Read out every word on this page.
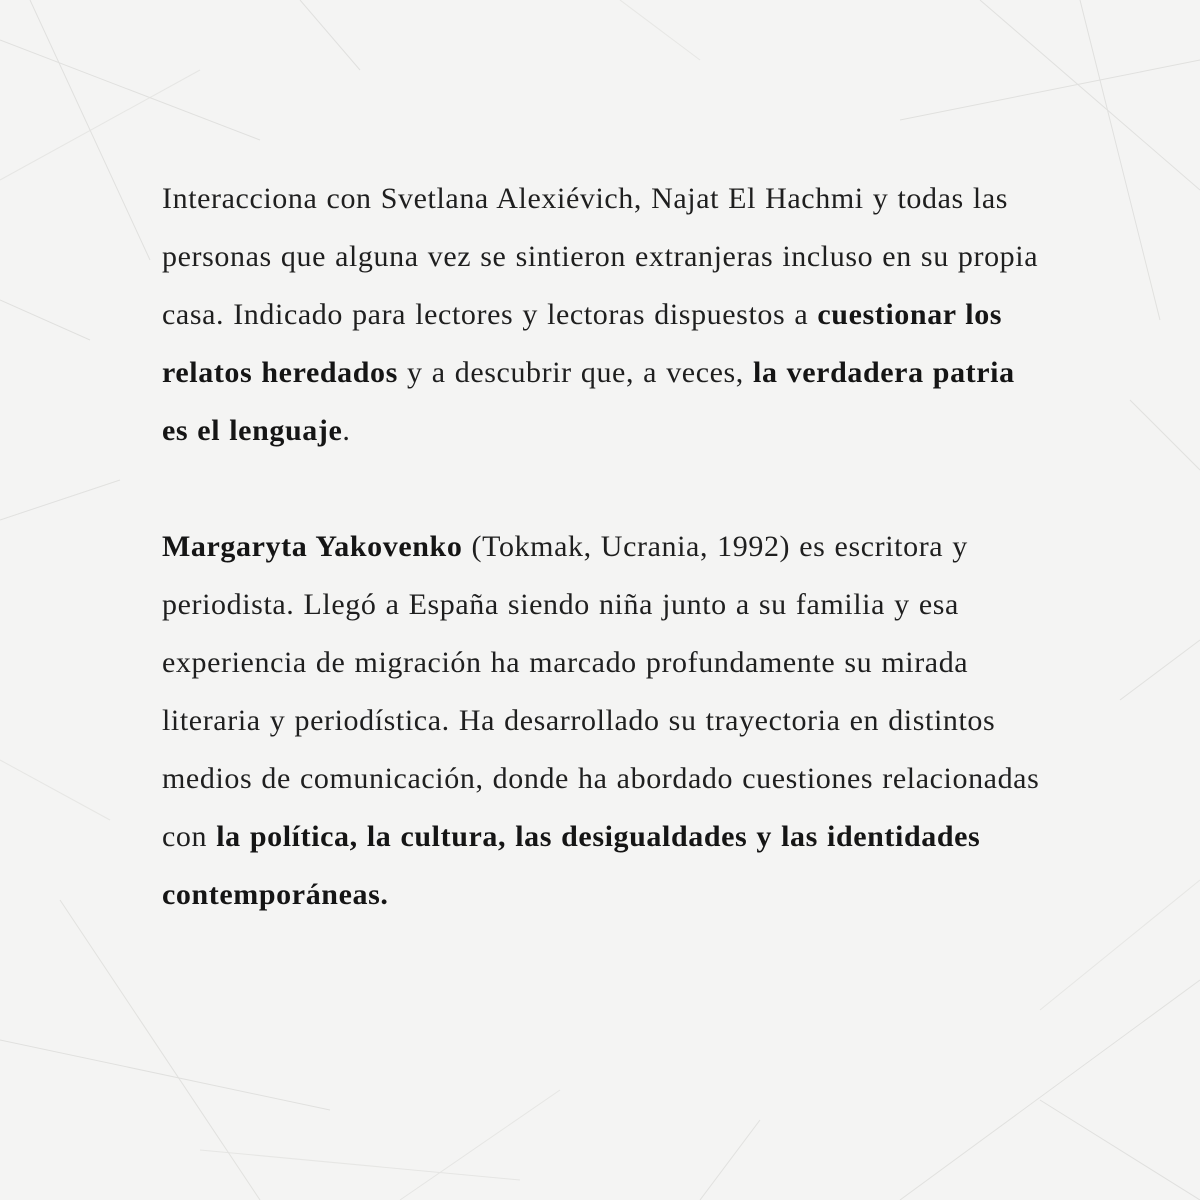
Interacciona con Svetlana Alexiévich, Najat El Hachmi y todas las personas que alguna vez se sintieron extranjeras incluso en su propia casa. Indicado para lectores y lectoras dispuestos a cuestionar los relatos heredados y a descubrir que, a veces, la verdadera patria es el lenguaje.

Margaryta Yakovenko (Tokmak, Ucrania, 1992) es escritora y periodista. Llegó a España siendo niña junto a su familia y esa experiencia de migración ha marcado profundamente su mirada literaria y periodística. Ha desarrollado su trayectoria en distintos medios de comunicación, donde ha abordado cuestiones relacionadas con la política, la cultura, las desigualdades y las identidades contemporáneas.
